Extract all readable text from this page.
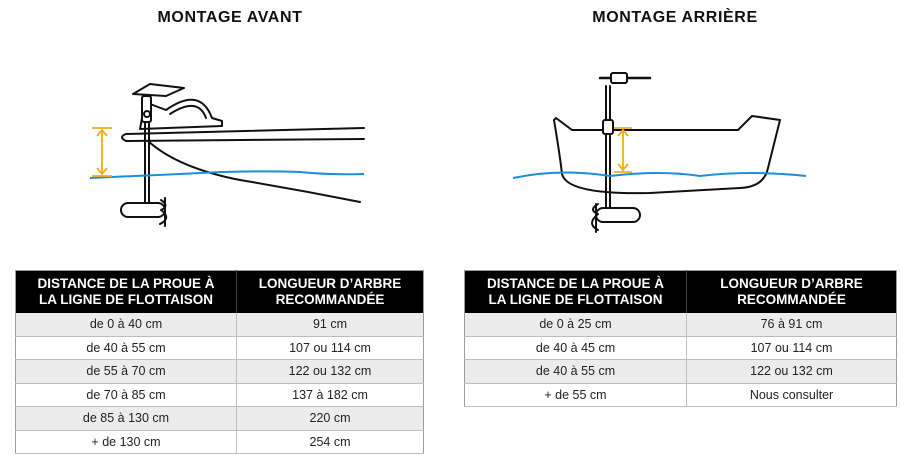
MONTAGE AVANT	MONTAGE ARRIÈRE
DISTANCE DE LA PROUE À
LA LIGNE DE FLOTTAISON	LONGUEUR D’ARBRE
RECOMMANDÉE
de 0 à 40 cm	91 cm
de 40 à 55 cm	107 ou 114 cm
de 55 à 70 cm	122 ou 132 cm
de 70 à 85 cm	137 à 182 cm
de 85 à 130 cm	220 cm
+ de 130 cm	254 cm
DISTANCE DE LA PROUE À
LA LIGNE DE FLOTTAISON	LONGUEUR D’ARBRE
RECOMMANDÉE
de 0 à 25 cm	76 à 91 cm
de 40 à 45 cm	107 ou 114 cm
de 40 à 55 cm	122 ou 132 cm
+ de 55 cm	Nous consulter
